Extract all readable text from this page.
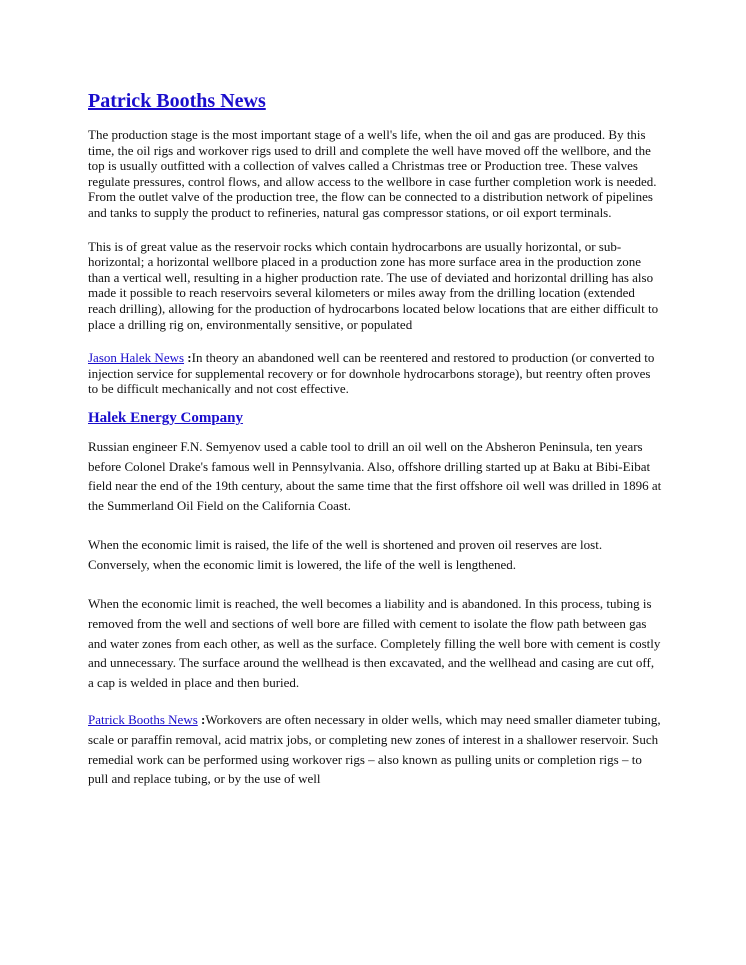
Patrick Booths News

The production stage is the most important stage of a well's life, when the oil and gas are produced. By this time, the oil rigs and workover rigs used to drill and complete the well have moved off the wellbore, and the top is usually outfitted with a collection of valves called a Christmas tree or Production tree. These valves regulate pressures, control flows, and allow access to the wellbore in case further completion work is needed. From the outlet valve of the production tree, the flow can be connected to a distribution network of pipelines and tanks to supply the product to refineries, natural gas compressor stations, or oil export terminals.

This is of great value as the reservoir rocks which contain hydrocarbons are usually horizontal, or sub-horizontal; a horizontal wellbore placed in a production zone has more surface area in the production zone than a vertical well, resulting in a higher production rate. The use of deviated and horizontal drilling has also made it possible to reach reservoirs several kilometers or miles away from the drilling location (extended reach drilling), allowing for the production of hydrocarbons located below locations that are either difficult to place a drilling rig on, environmentally sensitive, or populated

Jason Halek News :In theory an abandoned well can be reentered and restored to production (or converted to injection service for supplemental recovery or for downhole hydrocarbons storage), but reentry often proves to be difficult mechanically and not cost effective.

Halek Energy Company

Russian engineer F.N. Semyenov used a cable tool to drill an oil well on the Absheron Peninsula, ten years before Colonel Drake's famous well in Pennsylvania. Also, offshore drilling started up at Baku at Bibi-Eibat field near the end of the 19th century, about the same time that the first offshore oil well was drilled in 1896 at the Summerland Oil Field on the California Coast.

When the economic limit is raised, the life of the well is shortened and proven oil reserves are lost. Conversely, when the economic limit is lowered, the life of the well is lengthened.

When the economic limit is reached, the well becomes a liability and is abandoned. In this process, tubing is removed from the well and sections of well bore are filled with cement to isolate the flow path between gas and water zones from each other, as well as the surface. Completely filling the well bore with cement is costly and unnecessary. The surface around the wellhead is then excavated, and the wellhead and casing are cut off, a cap is welded in place and then buried.

Patrick Booths News :Workovers are often necessary in older wells, which may need smaller diameter tubing, scale or paraffin removal, acid matrix jobs, or completing new zones of interest in a shallower reservoir. Such remedial work can be performed using workover rigs – also known as pulling units or completion rigs – to pull and replace tubing, or by the use of well
